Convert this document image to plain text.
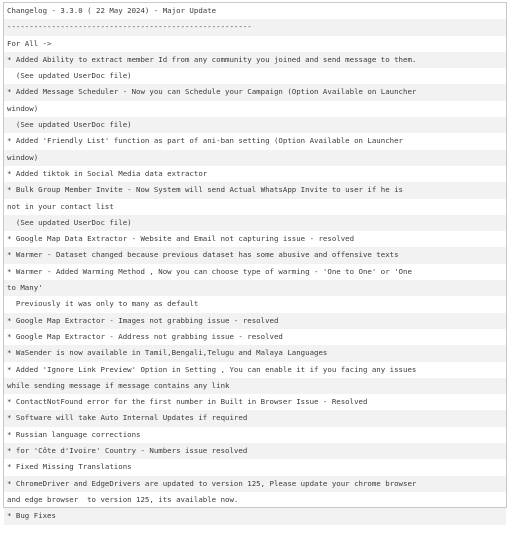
Changelog - 3.3.0 ( 22 May 2024) - Major Update
-------------------------------------------------------
For All ->
* Added Ability to extract member Id from any community you joined and send message to them.
(See updated UserDoc file)
* Added Message Scheduler - Now you can Schedule your Campaign (Option Available on Launcher
window)
(See updated UserDoc file)
* Added 'Friendly List' function as part of ani-ban setting (Option Available on Launcher
window)
* Added tiktok in Social Media data extractor
* Bulk Group Member Invite - Now System will send Actual WhatsApp Invite to user if he is
not in your contact list
(See updated UserDoc file)
* Google Map Data Extractor - Website and Email not capturing issue - resolved
* Warmer - Dataset changed because previous dataset has some abusive and offensive texts
* Warmer - Added Warming Method , Now you can choose type of warming - 'One to One' or 'One
to Many'
Previously it was only to many as default
* Google Map Extractor - Images not grabbing issue - resolved
* Google Map Extractor - Address not grabbing issue - resolved
* WaSender is now available in Tamil,Bengali,Telugu and Malaya Languages
* Added 'Ignore Link Preview' Option in Setting , You can enable it if you facing any issues
while sending message if message contains any link
* ContactNotFound error for the first number in Built in Browser Issue - Resolved
* Software will take Auto Internal Updates if required
* Russian language corrections
* for 'Côte d'Ivoire' Country - Numbers issue resolved
* Fixed Missing Translations
* ChromeDriver and EdgeDrivers are updated to version 125, Please update your chrome browser
and edge browser  to version 125, its available now.
* Bug Fixes
